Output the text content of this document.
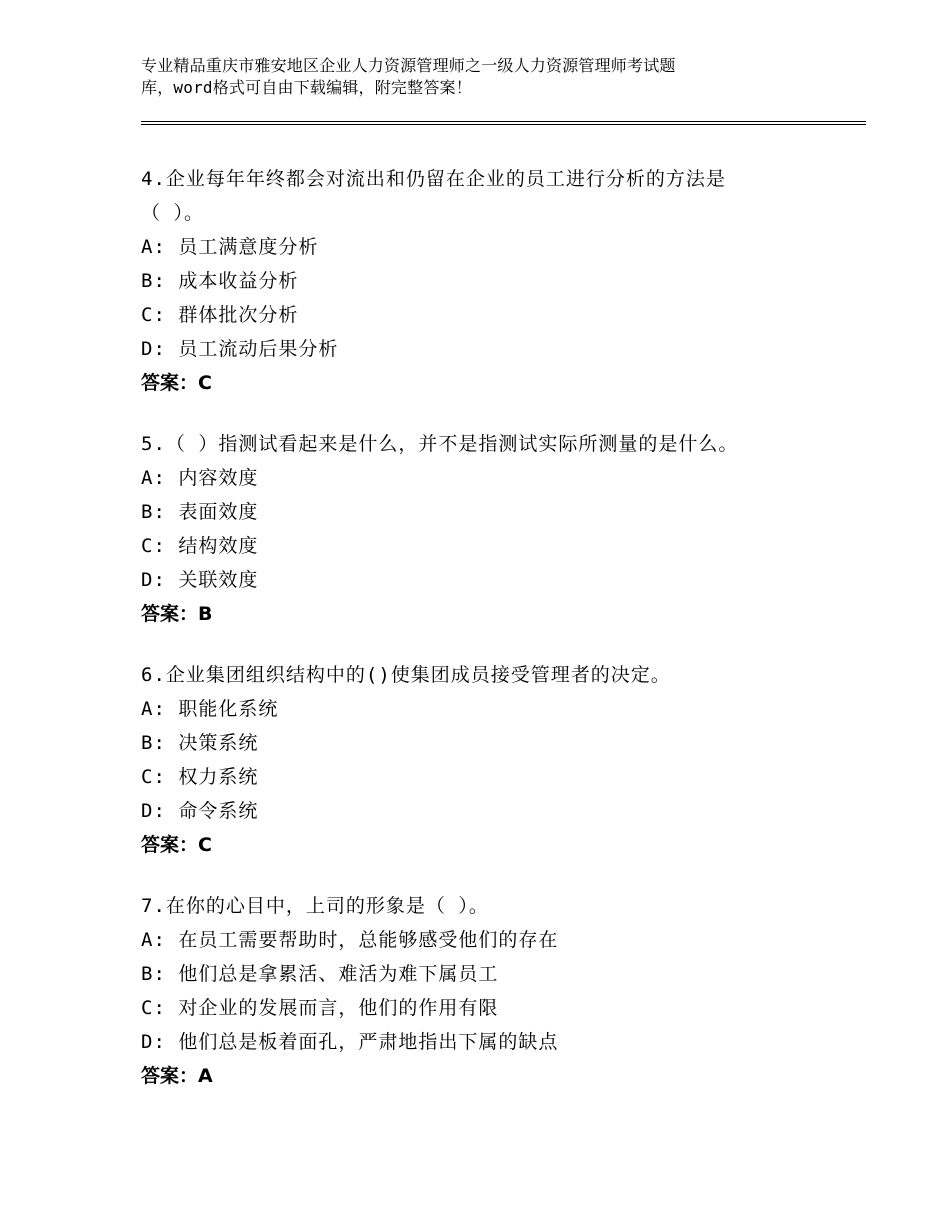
专业精品重庆市雅安地区企业人力资源管理师之一级人力资源管理师考试题
库，word格式可自由下载编辑，附完整答案！
4.企业每年年终都会对流出和仍留在企业的员工进行分析的方法是
（ ）。
A: 员工满意度分析
B: 成本收益分析
C: 群体批次分析
D: 员工流动后果分析
答案：C
5.（ ）指测试看起来是什么，并不是指测试实际所测量的是什么。
A: 内容效度
B: 表面效度
C: 结构效度
D: 关联效度
答案：B
6.企业集团组织结构中的()使集团成员接受管理者的决定。
A: 职能化系统
B: 决策系统
C: 权力系统
D: 命令系统
答案：C
7.在你的心目中，上司的形象是（ ）。
A: 在员工需要帮助时，总能够感受他们的存在
B: 他们总是拿累活、难活为难下属员工
C: 对企业的发展而言，他们的作用有限
D: 他们总是板着面孔，严肃地指出下属的缺点
答案：A
